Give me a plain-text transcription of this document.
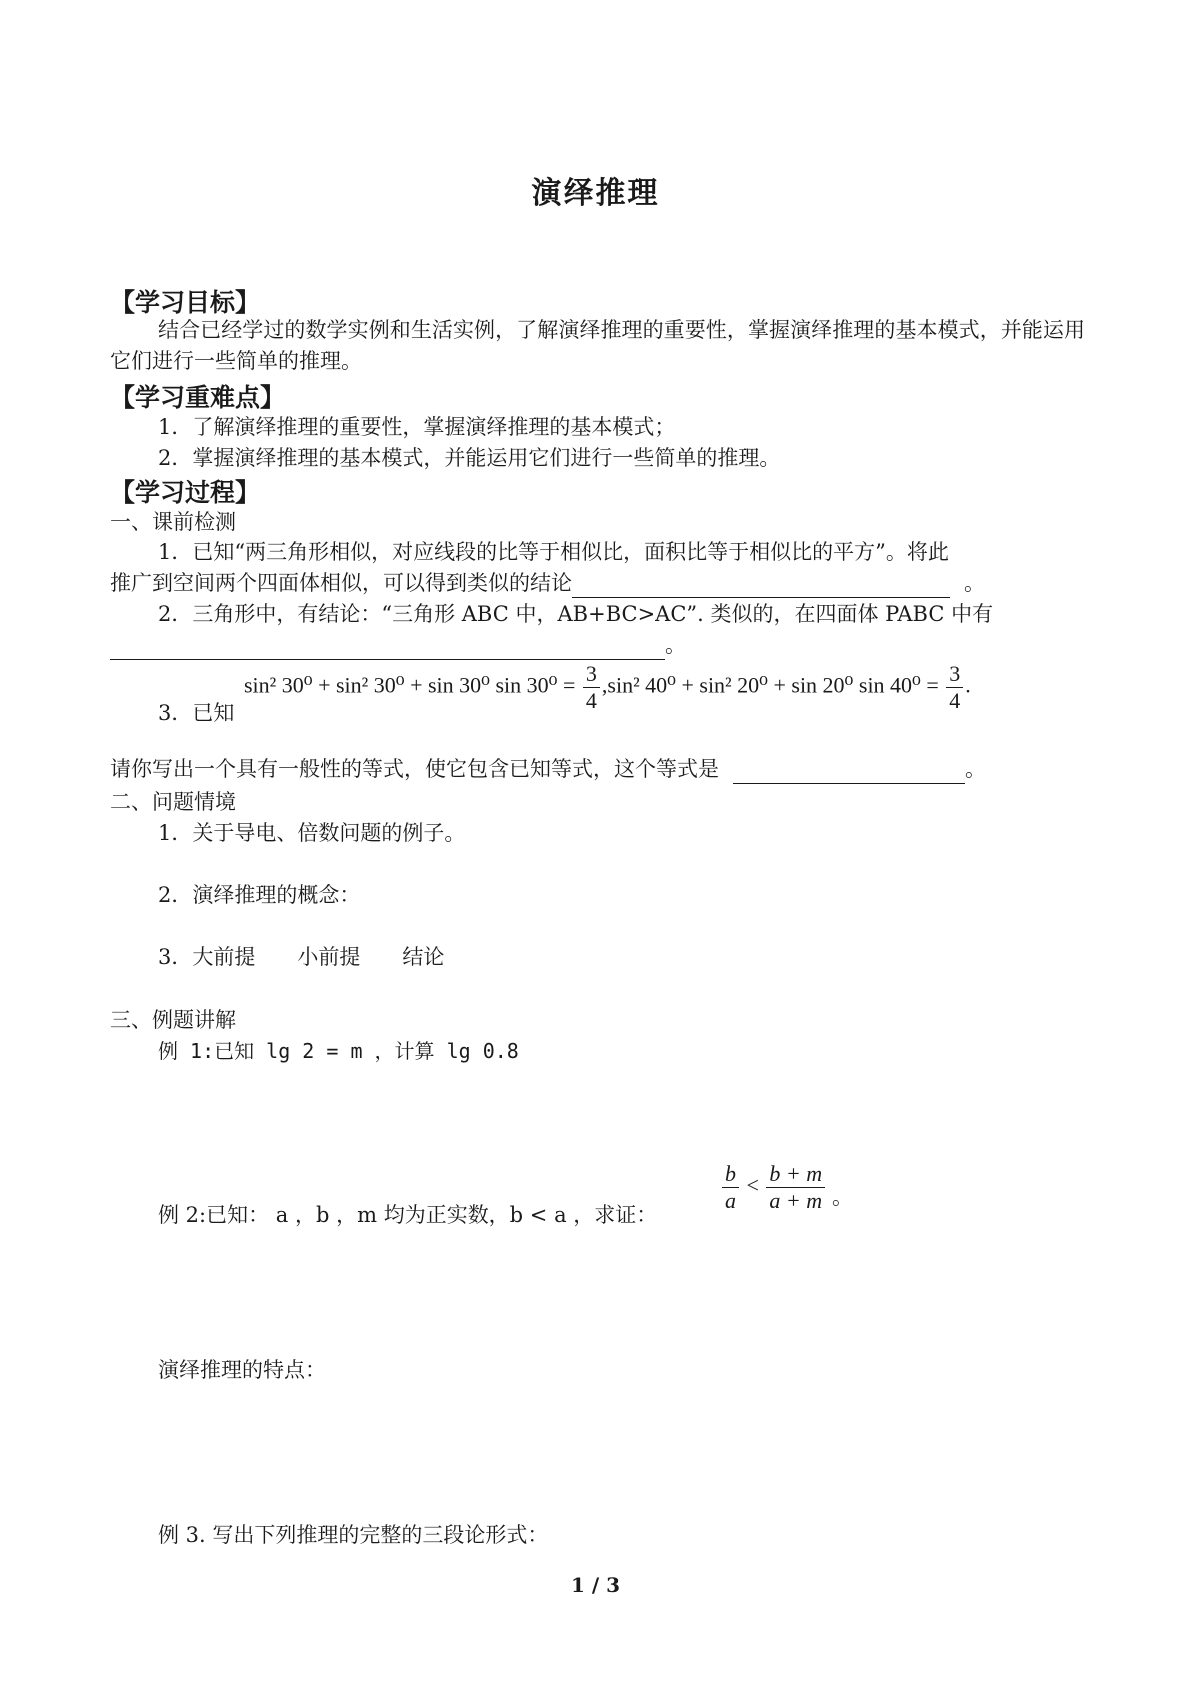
演绎推理
【学习目标】
结合已经学过的数学实例和生活实例，了解演绎推理的重要性，掌握演绎推理的基本模式，并能运用它们进行一些简单的推理。
【学习重难点】
1．了解演绎推理的重要性，掌握演绎推理的基本模式；
2．掌握演绎推理的基本模式，并能运用它们进行一些简单的推理。
【学习过程】
一、课前检测
1．已知“两三角形相似，对应线段的比等于相似比，面积比等于相似比的平方”。将此
推广到空间两个四面体相似，可以得到类似的结论	。
2．三角形中，有结论：“三角形 ABC 中，AB+BC>AC”. 类似的，在四面体 PABC 中有
。
sin² 30⁰ + sin² 30⁰ + sin 30⁰ $\sin 30^0 = \frac{3}{4} ,\sin^2$ 40⁰ + sin² 20⁰ + sin 20⁰ $\sin 40^0 = \frac{3}{4}$ .
3．已知
请你写出一个具有一般性的等式，使它包含已知等式，这个等式是	。
二、问题情境
1．关于导电、倍数问题的例子。
2．演绎推理的概念：
3．大前提　　小前提　　结论
三、例题讲解
例 1:已知 lg 2 = m ，计算 lg 0.8
例 2:已知： a ，b ，m 均为正实数，b < a ，求证：
$\frac{b}{a} < \frac{b + m}{a + m}$ 。
演绎推理的特点：
例 3. 写出下列推理的完整的三段论形式：
1 / 3
